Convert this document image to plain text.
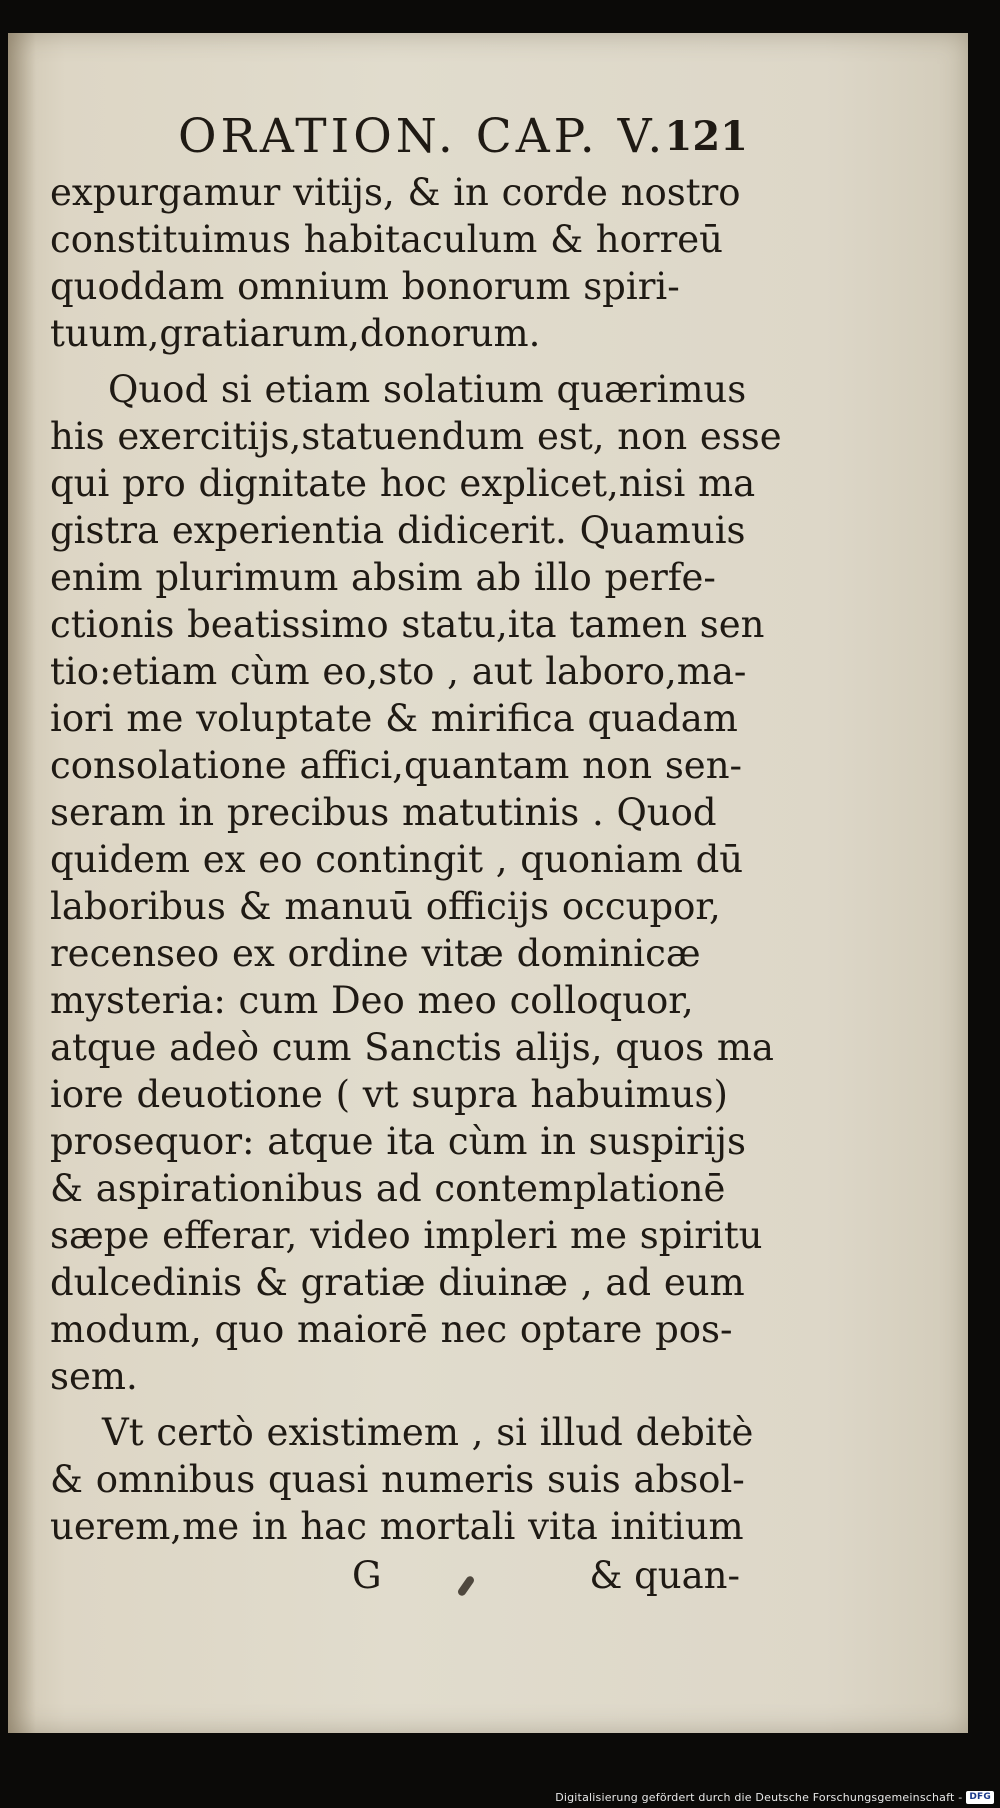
ORATION. CAP. V.
121
expurgamur vitijs, & in corde nostro
constituimus habitaculum & horreū
quoddam omnium bonorum spiri-
tuum,gratiarum,donorum.
Quod si etiam solatium quærimus
his exercitijs,statuendum est, non esse
qui pro dignitate hoc explicet,nisi ma
gistra experientia didicerit. Quamuis
enim plurimum absim ab illo perfe-
ctionis beatissimo statu,ita tamen sen
tio:etiam cùm eo,sto , aut laboro,ma-
iori me voluptate & mirifica quadam
consolatione affici,quantam non sen-
seram in precibus matutinis . Quod
quidem ex eo contingit , quoniam dū
laboribus & manuū officijs occupor,
recenseo ex ordine vitæ dominicæ
mysteria: cum Deo meo colloquor,
atque adeò cum Sanctis alijs, quos ma
iore deuotione ( vt supra habuimus)
prosequor: atque ita cùm in suspirijs
& aspirationibus ad contemplationē
sæpe efferar, video impleri me spiritu
dulcedinis & gratiæ diuinæ , ad eum
modum, quo maiorē nec optare pos-
sem.
Vt certò existimem , si illud debitè
& omnibus quasi numeris suis absol-
uerem,me in hac mortali vita initium
G	& quan-
Digitalisierung gefördert durch die Deutsche Forschungsgemeinschaft - DFG
